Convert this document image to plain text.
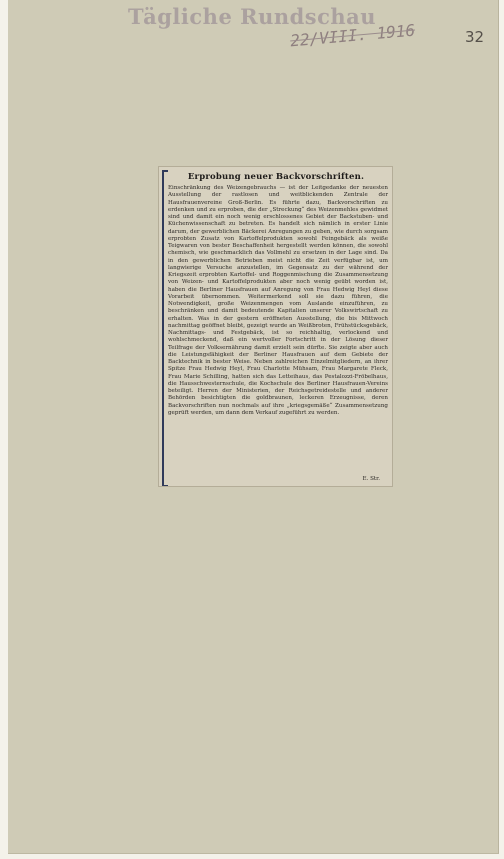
Tägliche Rundschau
22/VIII. 1916	32
Erprobung neuer Backvorschriften.
Einschränkung des Weizengebrauchs — ist der Leitgedanke der neuesten Ausstellung der rastlosen und weitblickenden Zentrale der Hausfrauenvereine Groß-Berlin. Es führte dazu, Backvorschriften zu erdenken und zu erproben, die der „Streckung“ des Weizenmehles gewidmet sind und damit ein noch wenig erschlossenes Gebiet der Backstuben- und Küchenwissenschaft zu betreten. Es handelt sich nämlich in erster Linie darum, der gewerblichen Bäckerei Anregungen zu geben, wie durch sorgsam erprobten Zusatz von Kartoffelprodukten sowohl Feingebäck als weiße Teigwaren von bester Beschaffenheit hergestellt werden können, die sowohl chemisch, wie geschmacklich das Vollmehl zu ersetzen in der Lage sind. Da in den gewerblichen Betrieben meist nicht die Zeit verfügbar ist, um langwierige Versuche anzustellen, im Gegensatz zu der während der Kriegszeit erprobten Kartoffel- und Roggenmischung die Zusammensetzung von Weizen- und Kartoffelprodukten aber noch wenig geübt worden ist, haben die Berliner Hausfrauen auf Anregung von Frau Hedwig Heyl diese Vorarbeit übernommen. Weitermerkend soll sie dazu führen, die Notwendigkeit, große Weizenmengen vom Auslande einzuführen, zu beschränken und damit bedeutende Kapitalien unserer Volkswirtschaft zu erhalten. Was in der gestern eröffneten Ausstellung, die bis Mittwoch nachmittag geöffnet bleibt, gezeigt wurde an Weißbroten, Frühstücksgebäck, Nachmittags- und Festgebäck, ist so reichhaltig, verlockend und wohlschmeckend, daß ein wertvoller Fortschritt in der Lösung dieser Teilfrage der Volksernährung damit erzielt sein dürfte. Sie zeigte aber auch die Leistungsfähigkeit der Berliner Hausfrauen auf dem Gebiete der Backtechnik in bester Weise. Neben zahlreichen Einzelmitgliedern, an ihrer Spitze Frau Hedwig Heyl, Frau Charlotte Mühsam, Frau Margarete Fleck, Frau Marie Schilling, hatten sich das Letteihaus, das Pestalozzi-Fröbelhaus, die Hausschwesternschule, die Kochschule des Berliner Hausfrauen-Vereins beteiligt. Herren der Ministerien, der Reichsgetreidestelle und anderer Behörden besichtigten die goldbraunen, leckeren Erzeugnisse, deren Backvorschriften nun nochmals auf ihre „kriegsgemäße“ Zusammensetzung geprüft werden, um dann dem Verkauf zugeführt zu werden.
E. Str.
